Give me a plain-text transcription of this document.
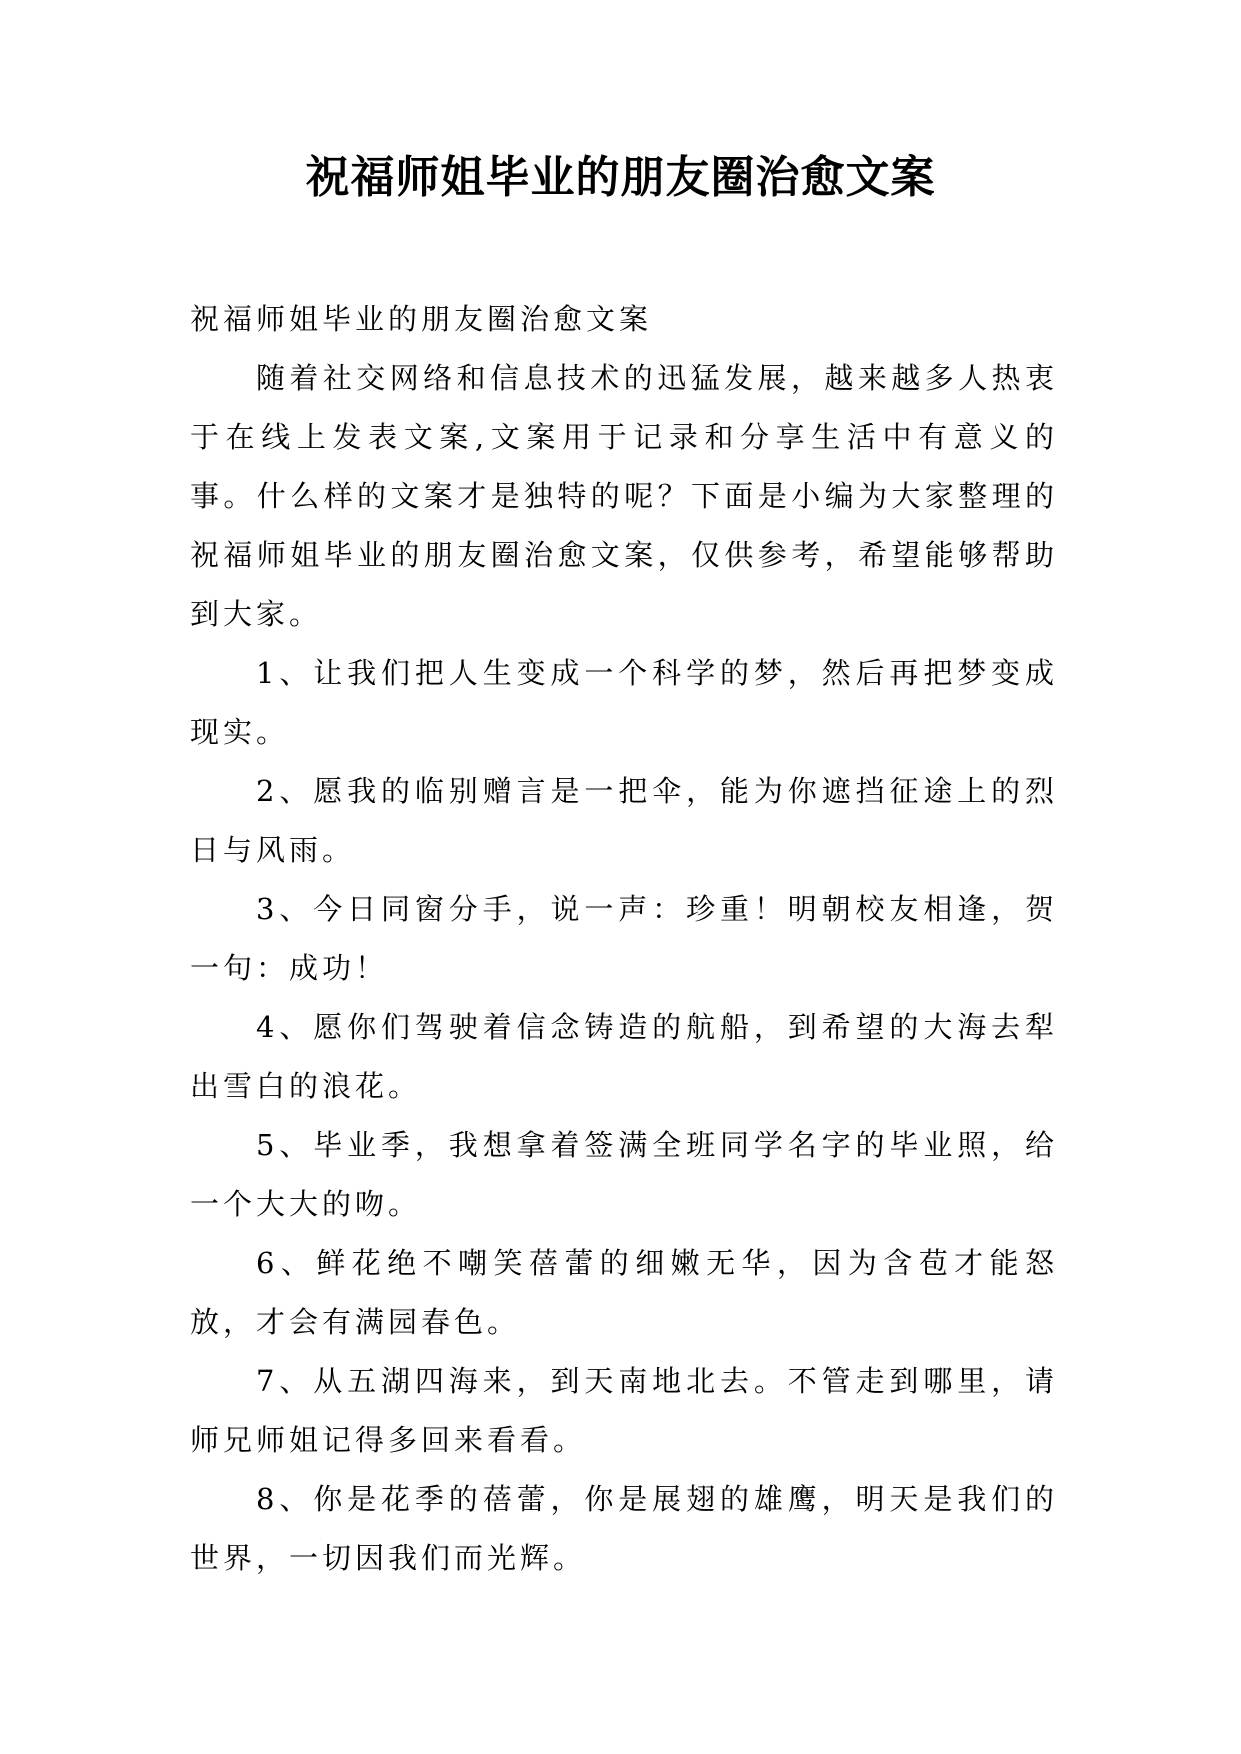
祝福师姐毕业的朋友圈治愈文案

祝福师姐毕业的朋友圈治愈文案

随着社交网络和信息技术的迅猛发展，越来越多人热衷于在线上发表文案,文案用于记录和分享生活中有意义的事。什么样的文案才是独特的呢？下面是小编为大家整理的祝福师姐毕业的朋友圈治愈文案，仅供参考，希望能够帮助到大家。

1、让我们把人生变成一个科学的梦，然后再把梦变成现实。

2、愿我的临别赠言是一把伞，能为你遮挡征途上的烈日与风雨。

3、今日同窗分手，说一声：珍重！明朝校友相逢，贺一句：成功！

4、愿你们驾驶着信念铸造的航船，到希望的大海去犁出雪白的浪花。

5、毕业季，我想拿着签满全班同学名字的毕业照，给一个大大的吻。

6、鲜花绝不嘲笑蓓蕾的细嫩无华，因为含苞才能怒放，才会有满园春色。

7、从五湖四海来，到天南地北去。不管走到哪里，请师兄师姐记得多回来看看。

8、你是花季的蓓蕾，你是展翅的雄鹰，明天是我们的世界，一切因我们而光辉。
